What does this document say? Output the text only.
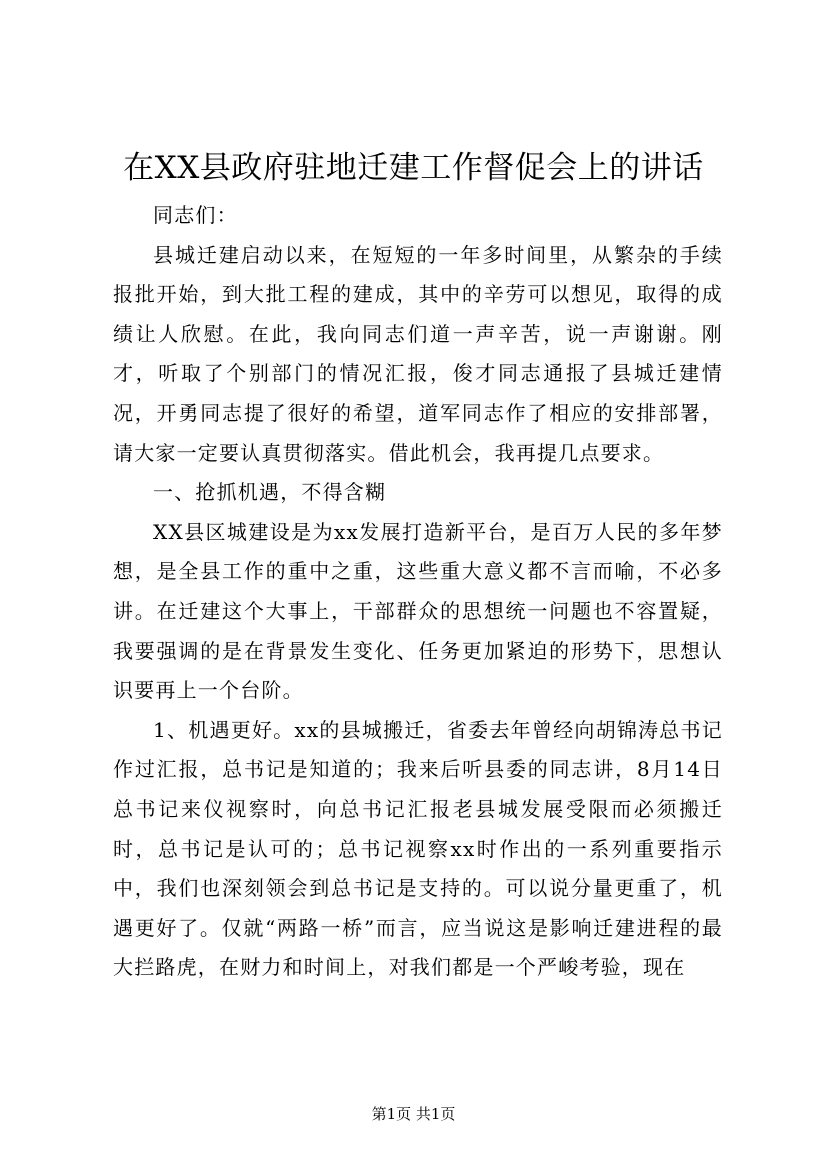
在XX县政府驻地迁建工作督促会上的讲话

同志们：

县城迁建启动以来，在短短的一年多时间里，从繁杂的手续报批开始，到大批工程的建成，其中的辛劳可以想见，取得的成绩让人欣慰。在此，我向同志们道一声辛苦，说一声谢谢。刚才，听取了个别部门的情况汇报，俊才同志通报了县城迁建情况，开勇同志提了很好的希望，道军同志作了相应的安排部署，请大家一定要认真贯彻落实。借此机会，我再提几点要求。

一、抢抓机遇，不得含糊

XX县区城建设是为xx发展打造新平台，是百万人民的多年梦想，是全县工作的重中之重，这些重大意义都不言而喻，不必多讲。在迁建这个大事上，干部群众的思想统一问题也不容置疑，我要强调的是在背景发生变化、任务更加紧迫的形势下，思想认识要再上一个台阶。

1、机遇更好。xx的县城搬迁，省委去年曾经向胡锦涛总书记作过汇报，总书记是知道的；我来后听县委的同志讲，8月14日总书记来仪视察时，向总书记汇报老县城发展受限而必须搬迁时，总书记是认可的；总书记视察xx时作出的一系列重要指示中，我们也深刻领会到总书记是支持的。可以说分量更重了，机遇更好了。仅就“两路一桥”而言，应当说这是影响迁建进程的最大拦路虎，在财力和时间上，对我们都是一个严峻考验，现在

第1页 共1页
